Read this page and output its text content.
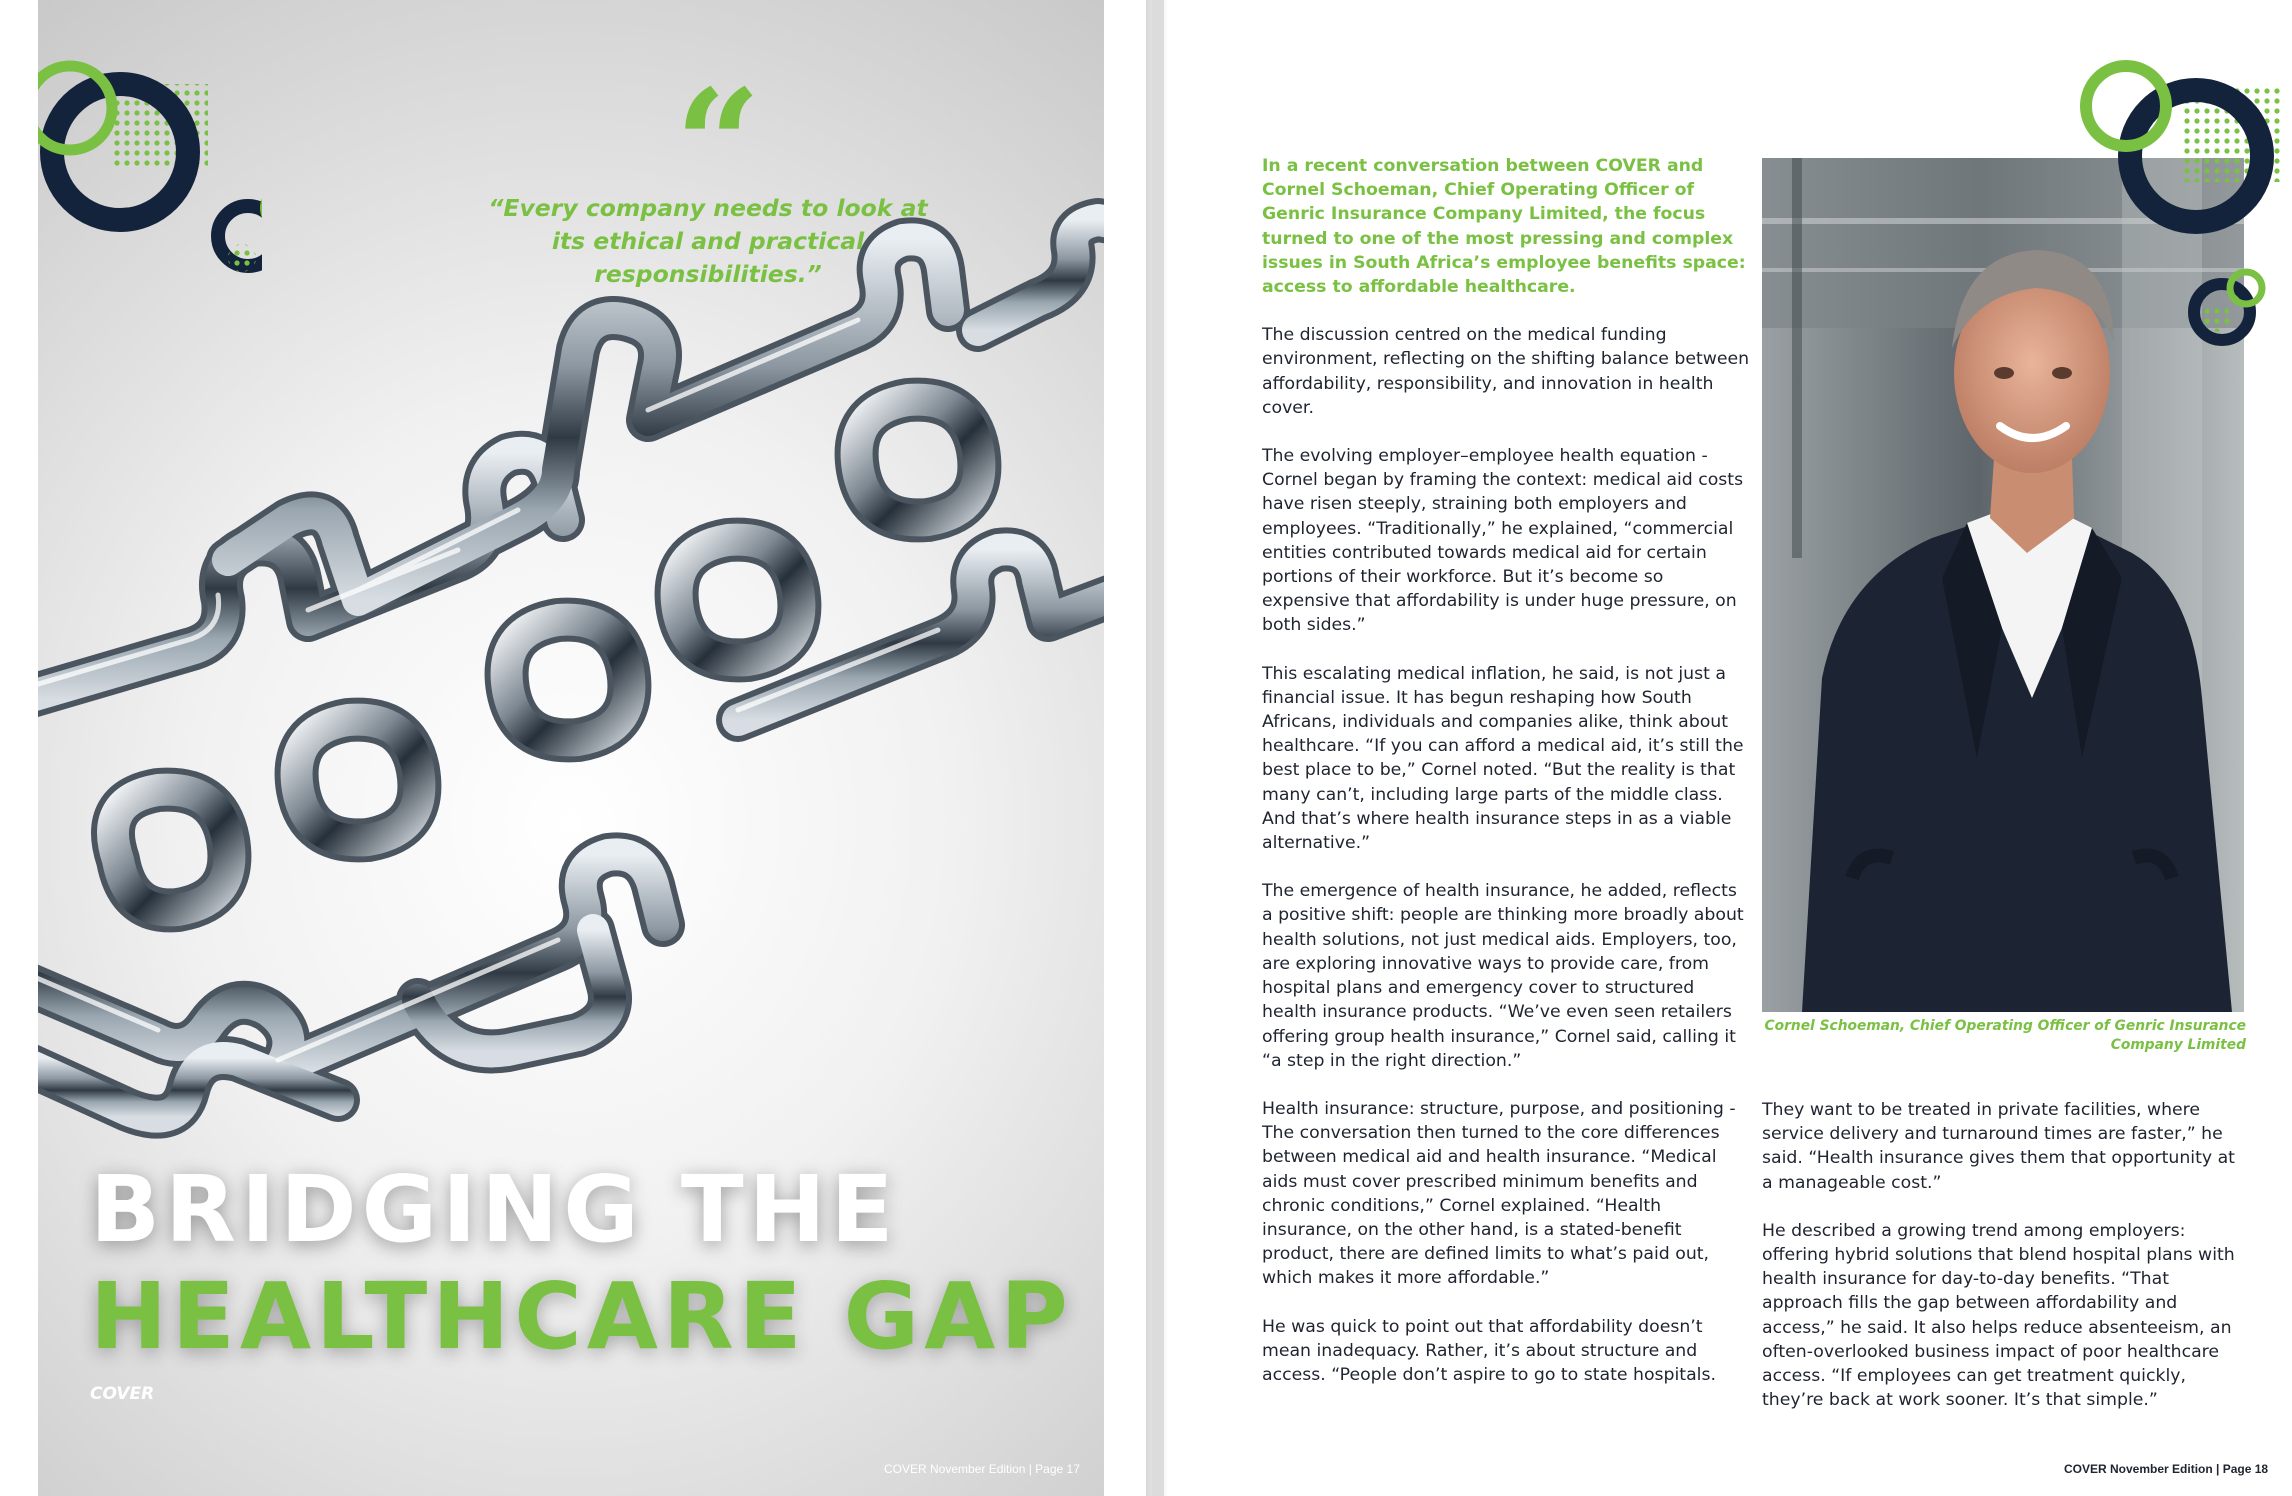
“
“Every company needs to look at its ethical and practical responsibilities.”
BRIDGING THE
HEALTHCARE GAP
COVER
COVER November Edition | Page 17

In a recent conversation between COVER and Cornel Schoeman, Chief Operating Officer of Genric Insurance Company Limited, the focus turned to one of the most pressing and complex issues in South Africa’s employee benefits space: access to affordable healthcare.

The discussion centred on the medical funding environment, reflecting on the shifting balance between affordability, responsibility, and innovation in health cover.

The evolving employer–employee health equation - Cornel began by framing the context: medical aid costs have risen steeply, straining both employers and employees. “Traditionally,” he explained, “commercial entities contributed towards medical aid for certain portions of their workforce. But it’s become so expensive that affordability is under huge pressure, on both sides.”

This escalating medical inflation, he said, is not just a financial issue. It has begun reshaping how South Africans, individuals and companies alike, think about healthcare. “If you can afford a medical aid, it’s still the best place to be,” Cornel noted. “But the reality is that many can’t, including large parts of the middle class. And that’s where health insurance steps in as a viable alternative.”

The emergence of health insurance, he added, reflects a positive shift: people are thinking more broadly about health solutions, not just medical aids. Employers, too, are exploring innovative ways to provide care, from hospital plans and emergency cover to structured health insurance products. “We’ve even seen retailers offering group health insurance,” Cornel said, calling it “a step in the right direction.”

Health insurance: structure, purpose, and positioning - The conversation then turned to the core differences between medical aid and health insurance. “Medical aids must cover prescribed minimum benefits and chronic conditions,” Cornel explained. “Health insurance, on the other hand, is a stated-benefit product, there are defined limits to what’s paid out, which makes it more affordable.”

He was quick to point out that affordability doesn’t mean inadequacy. Rather, it’s about structure and access. “People don’t aspire to go to state hospitals.

Cornel Schoeman, Chief Operating Officer of Genric Insurance Company Limited

They want to be treated in private facilities, where service delivery and turnaround times are faster,” he said. “Health insurance gives them that opportunity at a manageable cost.”

He described a growing trend among employers: offering hybrid solutions that blend hospital plans with health insurance for day-to-day benefits. “That approach fills the gap between affordability and access,” he said. It also helps reduce absenteeism, an often-overlooked business impact of poor healthcare access. “If employees can get treatment quickly, they’re back at work sooner. It’s that simple.”

COVER November Edition | Page 18
